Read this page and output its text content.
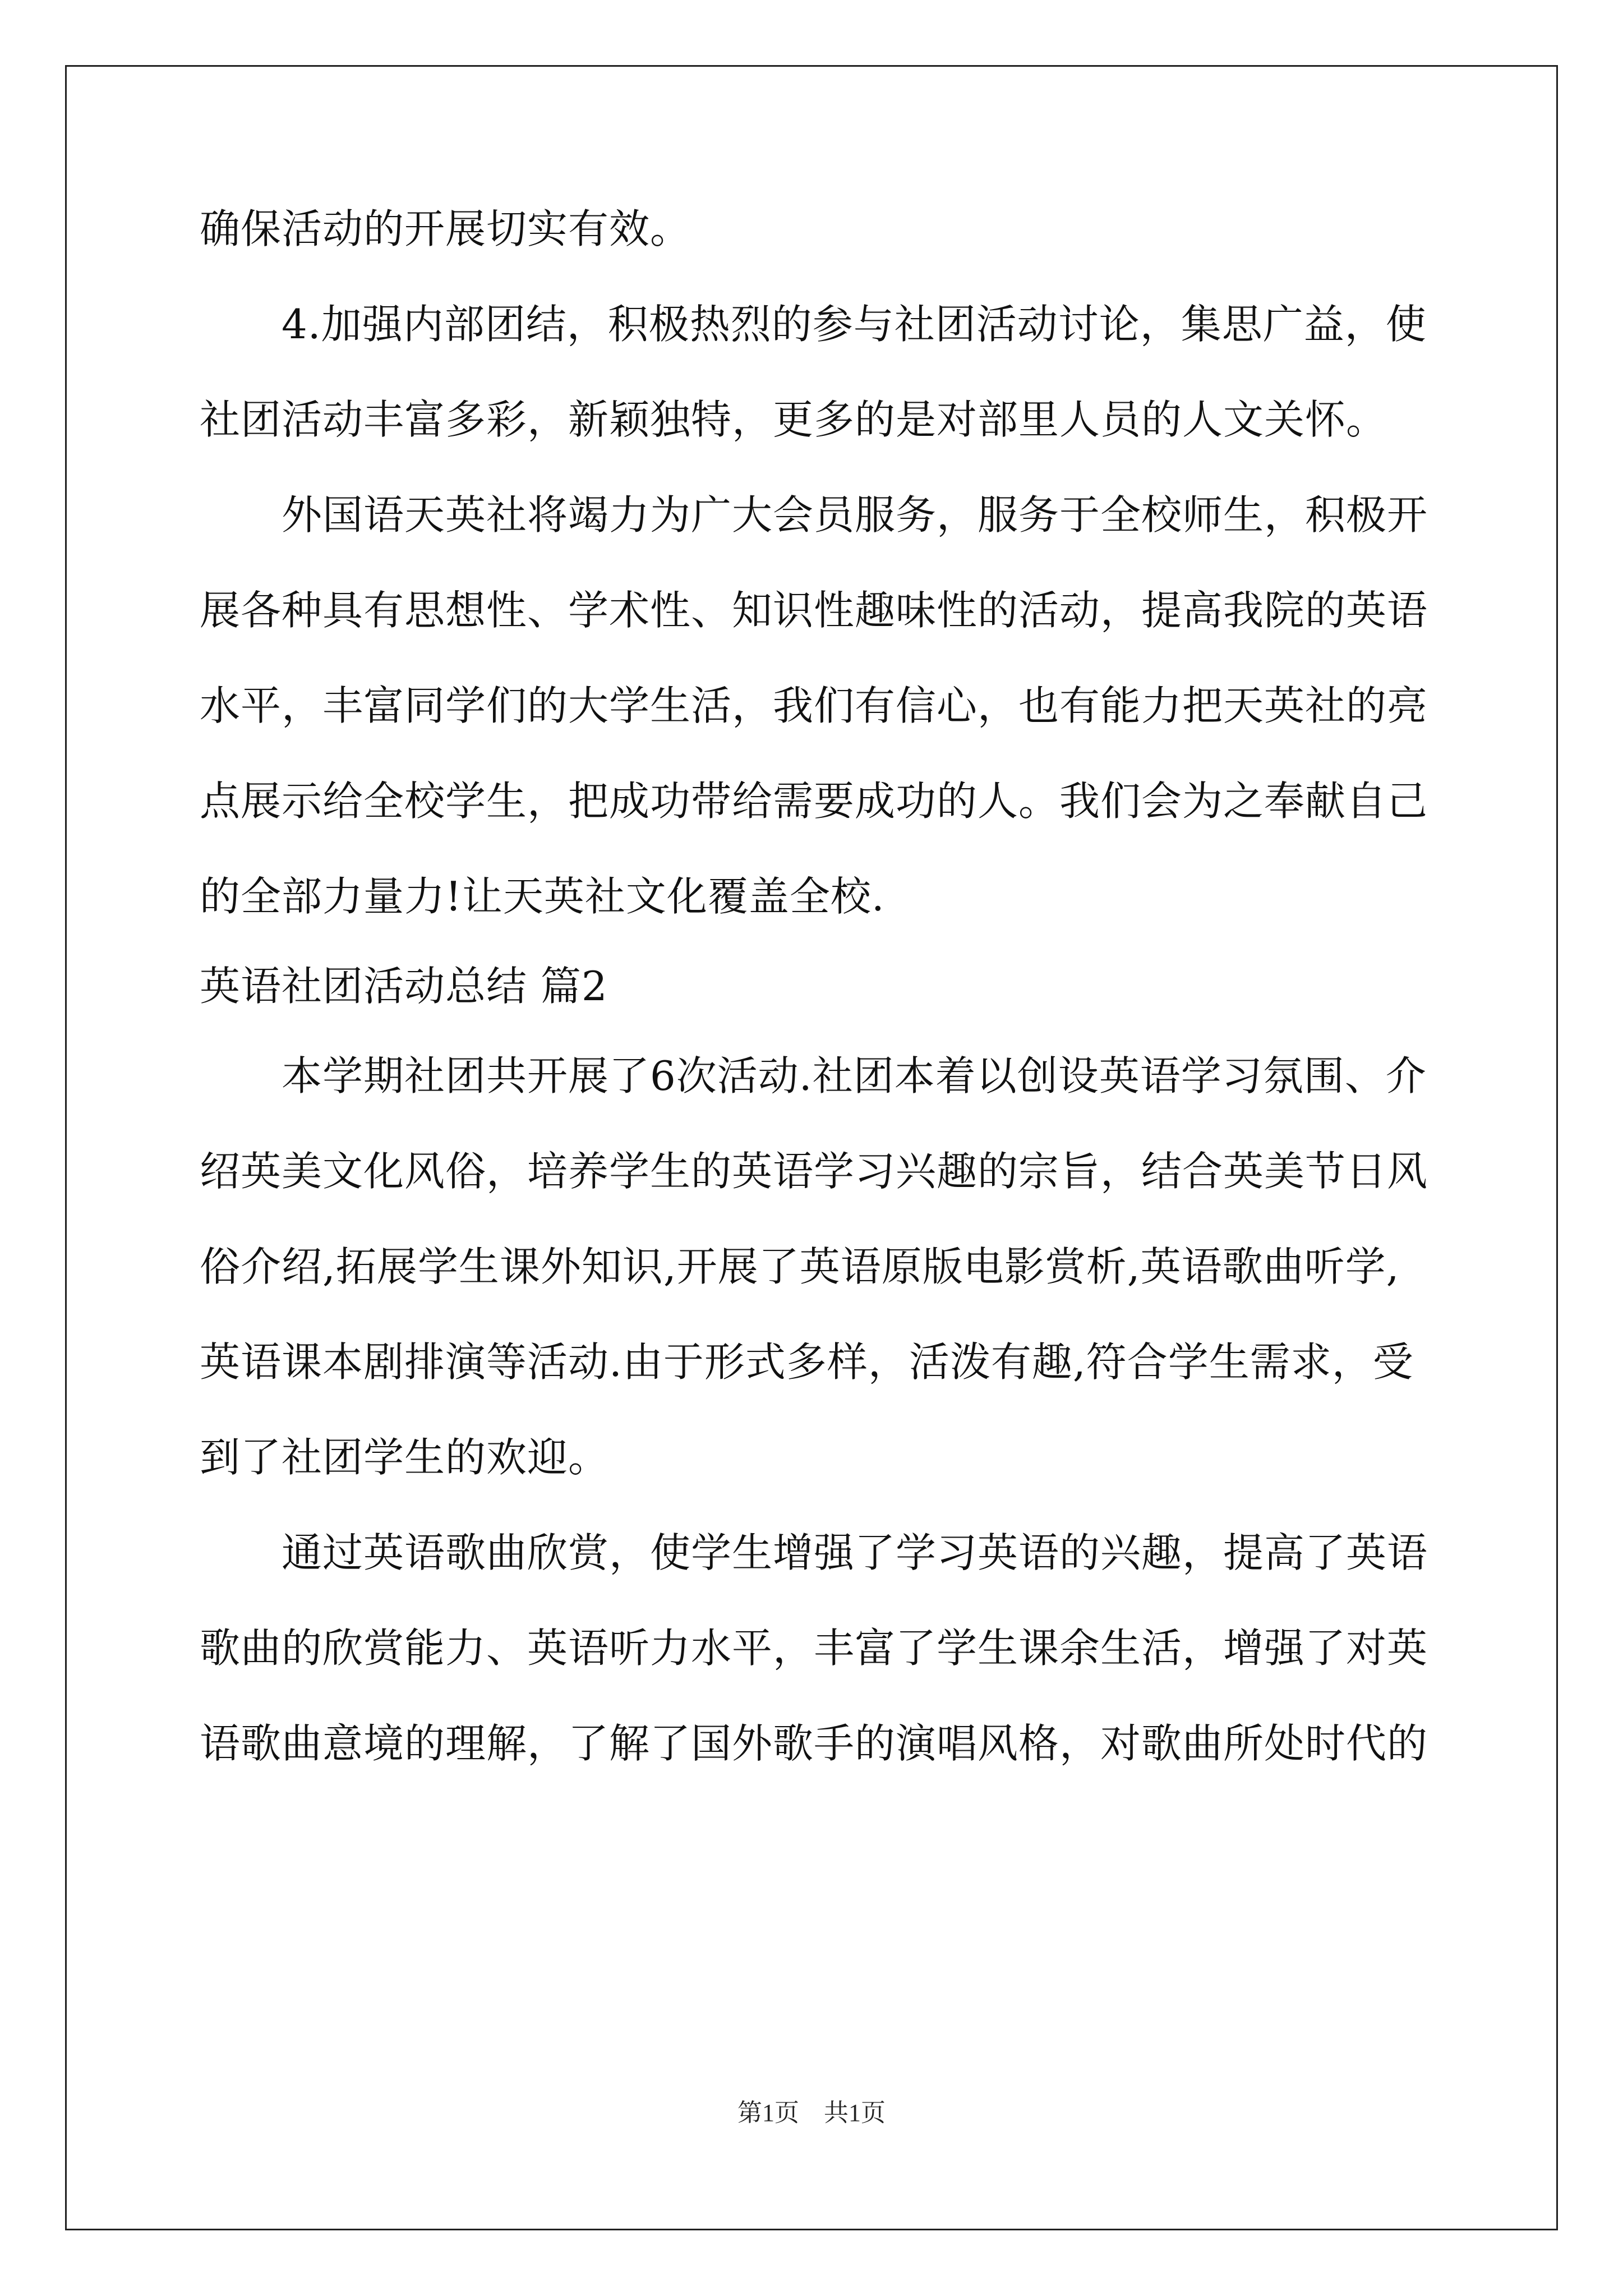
确保活动的开展切实有效。
4.加强内部团结，积极热烈的参与社团活动讨论，集思广益，使
社团活动丰富多彩，新颖独特，更多的是对部里人员的人文关怀。
外国语天英社将竭力为广大会员服务，服务于全校师生，积极开
展各种具有思想性、学术性、知识性趣味性的活动，提高我院的英语
水平，丰富同学们的大学生活，我们有信心，也有能力把天英社的亮
点展示给全校学生，把成功带给需要成功的人。我们会为之奉献自己
的全部力量力!让天英社文化覆盖全校.
英语社团活动总结 篇2
本学期社团共开展了6次活动.社团本着以创设英语学习氛围、介
绍英美文化风俗，培养学生的英语学习兴趣的宗旨，结合英美节日风
俗介绍,拓展学生课外知识,开展了英语原版电影赏析,英语歌曲听学,
英语课本剧排演等活动.由于形式多样，活泼有趣,符合学生需求，受
到了社团学生的欢迎。
通过英语歌曲欣赏，使学生增强了学习英语的兴趣，提高了英语
歌曲的欣赏能力、英语听力水平，丰富了学生课余生活，增强了对英
语歌曲意境的理解，了解了国外歌手的演唱风格，对歌曲所处时代的
第1页　共1页
